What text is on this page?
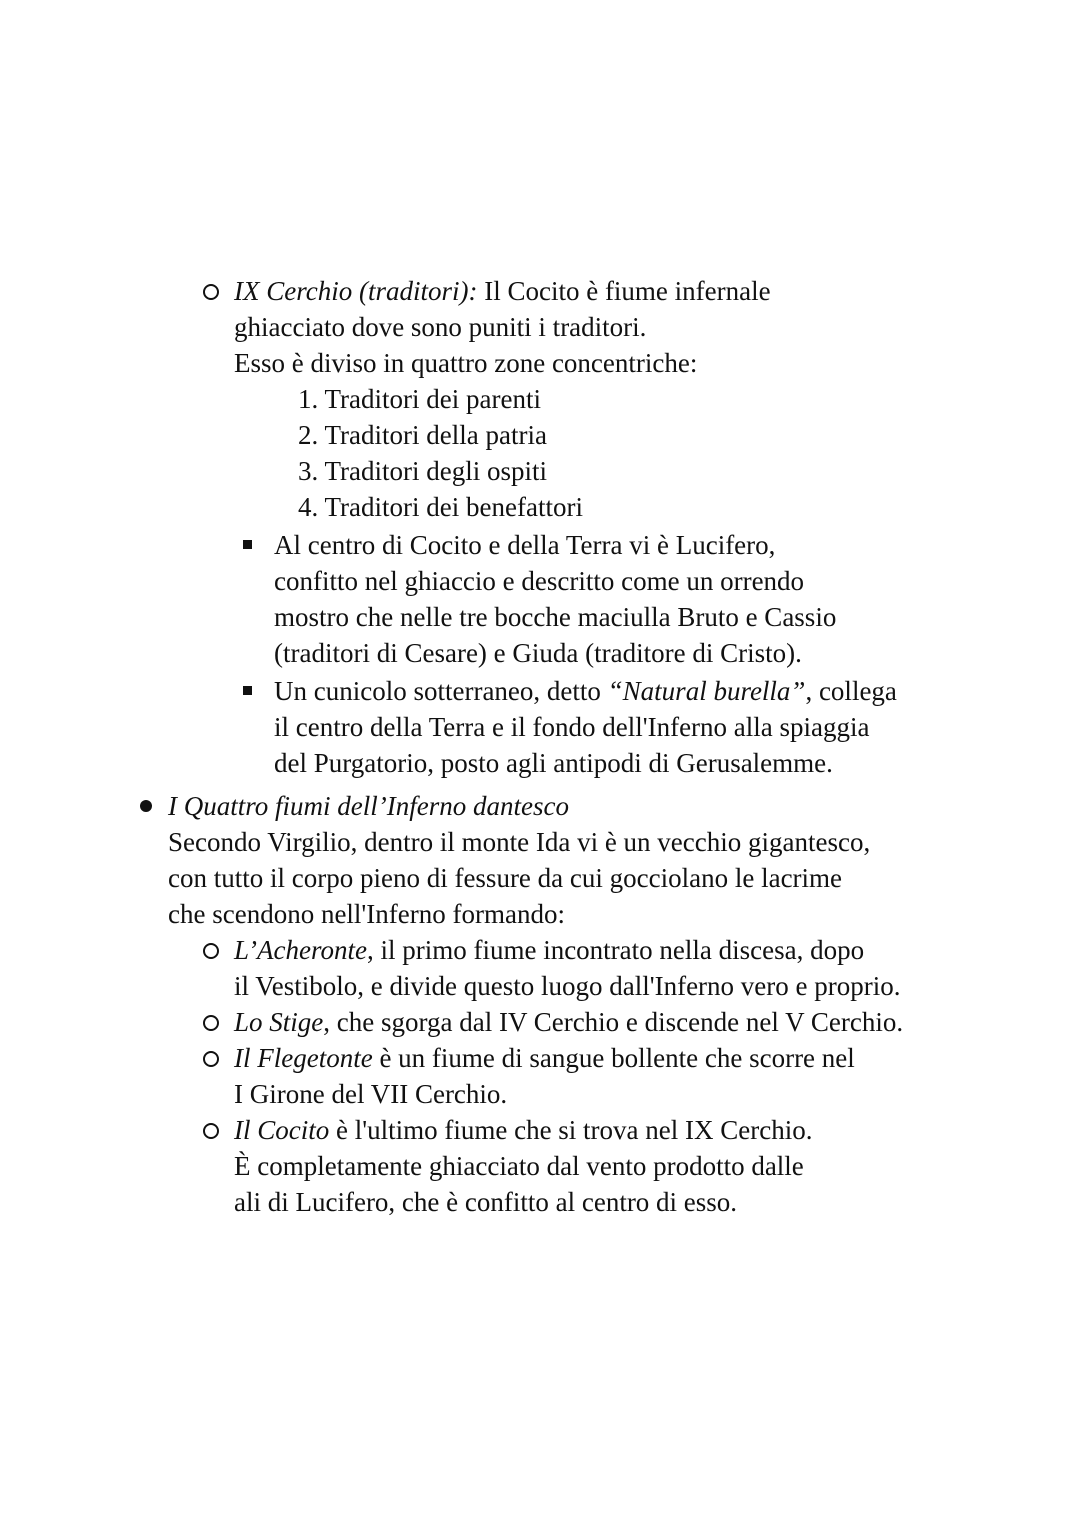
IX Cerchio (traditori): Il Cocito è fiume infernale
ghiacciato dove sono puniti i traditori.
Esso è diviso in quattro zone concentriche:
1. Traditori dei parenti
2. Traditori della patria
3. Traditori degli ospiti
4. Traditori dei benefattori
Al centro di Cocito e della Terra vi è Lucifero,
confitto nel ghiaccio e descritto come un orrendo
mostro che nelle tre bocche maciulla Bruto e Cassio
(traditori di Cesare) e Giuda (traditore di Cristo).
Un cunicolo sotterraneo, detto “Natural burella”, collega
il centro della Terra e il fondo dell'Inferno alla spiaggia
del Purgatorio, posto agli antipodi di Gerusalemme.
I Quattro fiumi dell’Inferno dantesco
Secondo Virgilio, dentro il monte Ida vi è un vecchio gigantesco,
con tutto il corpo pieno di fessure da cui gocciolano le lacrime
che scendono nell'Inferno formando:
L’Acheronte, il primo fiume incontrato nella discesa, dopo
il Vestibolo, e divide questo luogo dall'Inferno vero e proprio.
Lo Stige, che sgorga dal IV Cerchio e discende nel V Cerchio.
Il Flegetonte è un fiume di sangue bollente che scorre nel
I Girone del VII Cerchio.
Il Cocito è l'ultimo fiume che si trova nel IX Cerchio.
È completamente ghiacciato dal vento prodotto dalle
ali di Lucifero, che è confitto al centro di esso.
